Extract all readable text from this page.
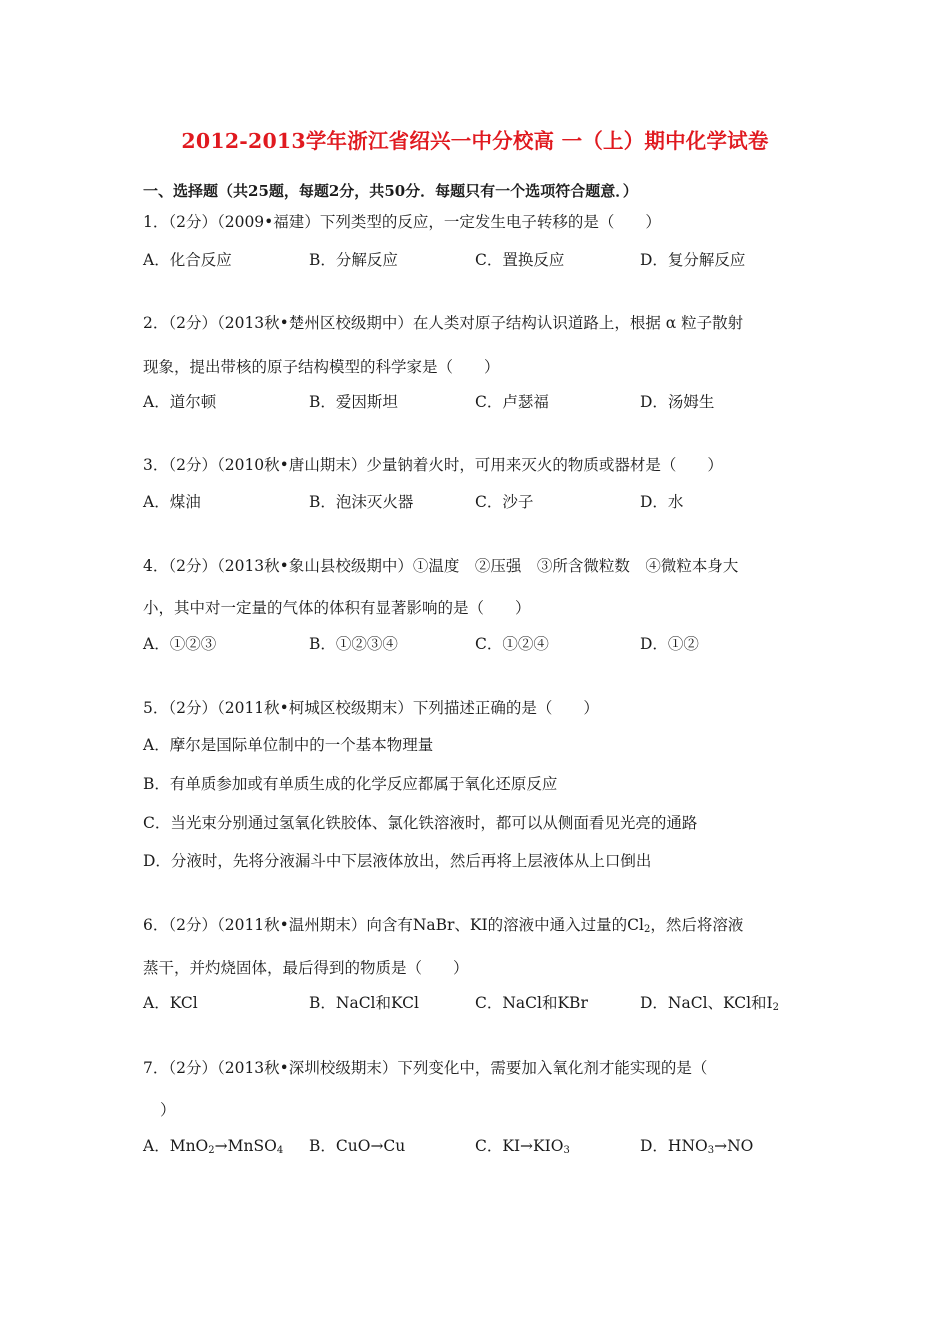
2012-2013学年浙江省绍兴一中分校高 一（上）期中化学试卷
一、选择题（共25题，每题2分，共50分．每题只有一个选项符合题意．）
1．（2分）（2009•福建）下列类型的反应，一定发生电子转移的是（　　）
A．化合反应	B．分解反应	C．置换反应	D．复分解反应
2．（2分）（2013秋•楚州区校级期中）在人类对原子结构认识道路上，根据 α 粒子散射
现象，提出带核的原子结构模型的科学家是（　　）
A．道尔顿	B．爱因斯坦	C．卢瑟福	D．汤姆生
3．（2分）（2010秋•唐山期末）少量钠着火时，可用来灭火的物质或器材是（　　）
A．煤油	B．泡沫灭火器	C．沙子	D．水
4．（2分）（2013秋•象山县校级期中）①温度　②压强　③所含微粒数　④微粒本身大
小，其中对一定量的气体的体积有显著影响的是（　　）
A．①②③	B．①②③④	C．①②④	D．①②
5．（2分）（2011秋•柯城区校级期末）下列描述正确的是（　　）
A．摩尔是国际单位制中的一个基本物理量
B．有单质参加或有单质生成的化学反应都属于氧化还原反应
C．当光束分别通过氢氧化铁胶体、氯化铁溶液时，都可以从侧面看见光亮的通路
D．分液时，先将分液漏斗中下层液体放出，然后再将上层液体从上口倒出
6．（2分）（2011秋•温州期末）向含有NaBr、KI的溶液中通入过量的$Cl_2$，然后将溶液
蒸干，并灼烧固体，最后得到的物质是（　　）
A．KCl	B．NaCl和KCl	C．NaCl和KBr	D．NaCl、KCl和$I_2$
7．（2分）（2013秋•深圳校级期末）下列变化中，需要加入氧化剂才能实现的是（
）
A．MnO$_2$→MnSO$_4$ B．CuO→Cu	C．$KI\to KIO_3$	D．$HNO_3\to NO$
